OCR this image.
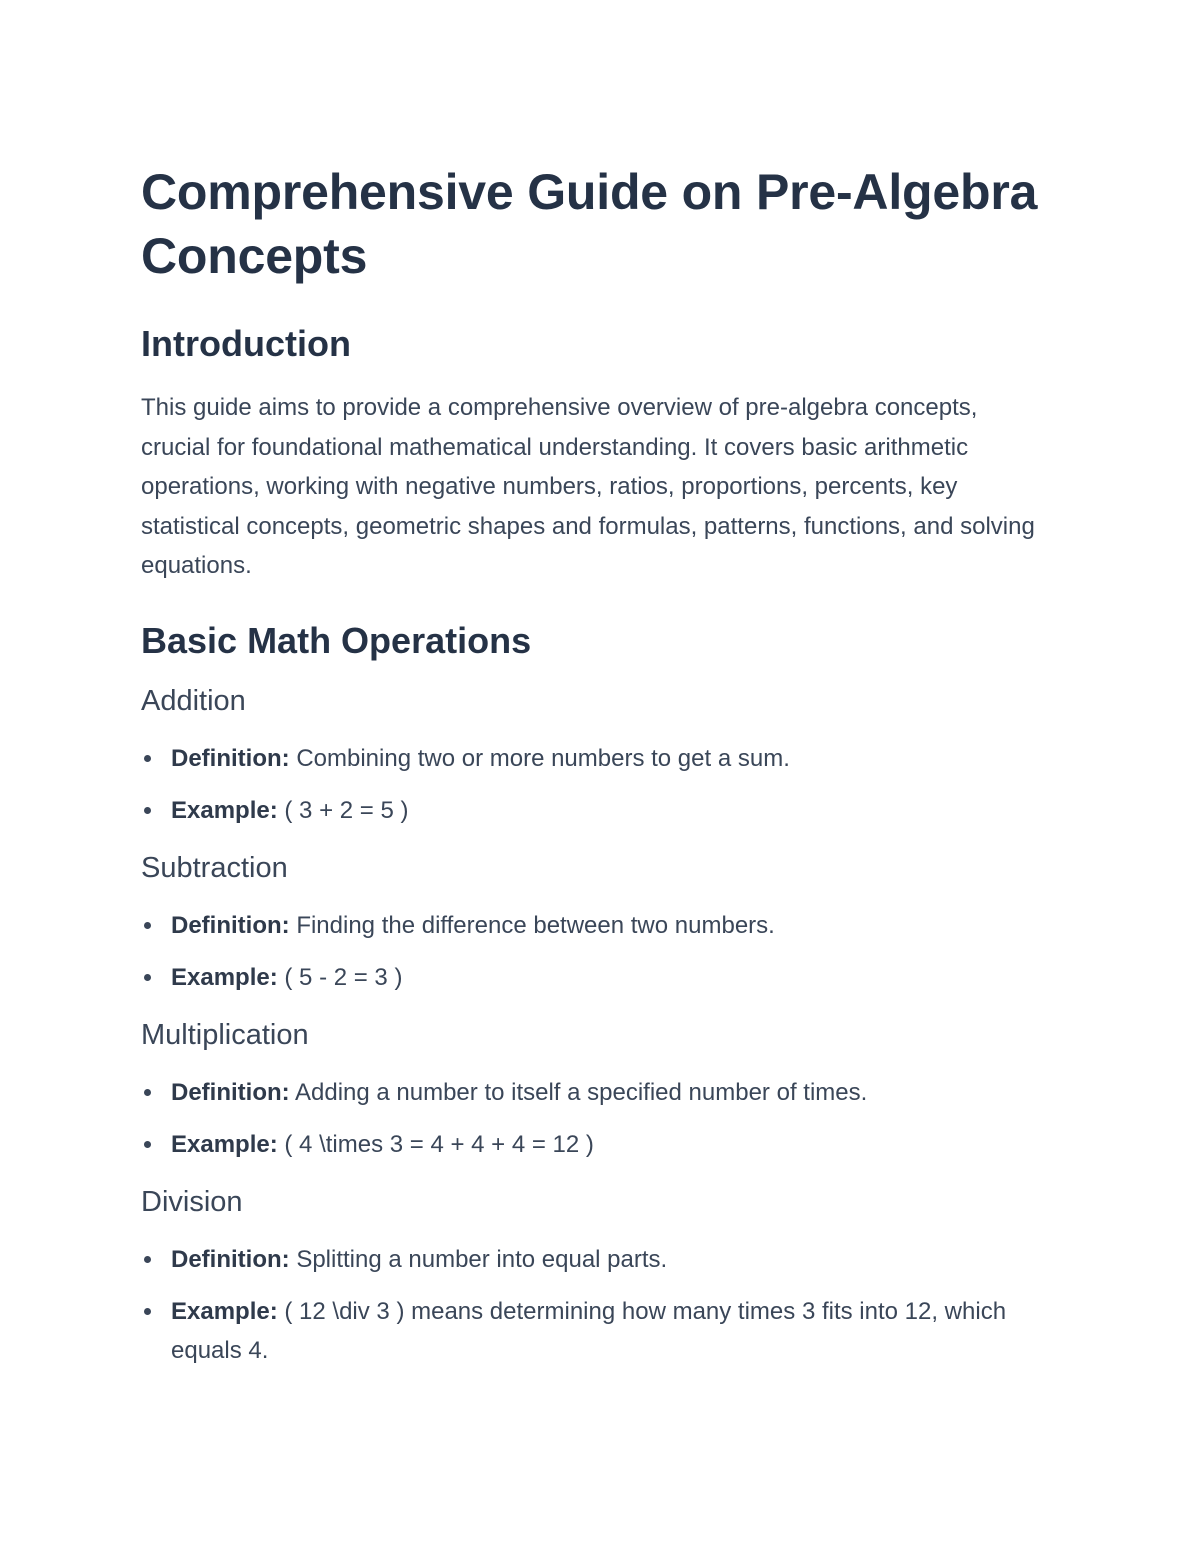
Comprehensive Guide on Pre-Algebra Concepts
Introduction

This guide aims to provide a comprehensive overview of pre-algebra concepts, crucial for foundational mathematical understanding. It covers basic arithmetic operations, working with negative numbers, ratios, proportions, percents, key statistical concepts, geometric shapes and formulas, patterns, functions, and solving equations.

Basic Math Operations
Addition
Definition: Combining two or more numbers to get a sum.
Example: ( 3 + 2 = 5 )
Subtraction
Definition: Finding the difference between two numbers.
Example: ( 5 - 2 = 3 )
Multiplication
Definition: Adding a number to itself a specified number of times.
Example: ( 4 \times 3 = 4 + 4 + 4 = 12 )
Division
Definition: Splitting a number into equal parts.
Example: ( 12 \div 3 ) means determining how many times 3 fits into 12, which equals 4.
